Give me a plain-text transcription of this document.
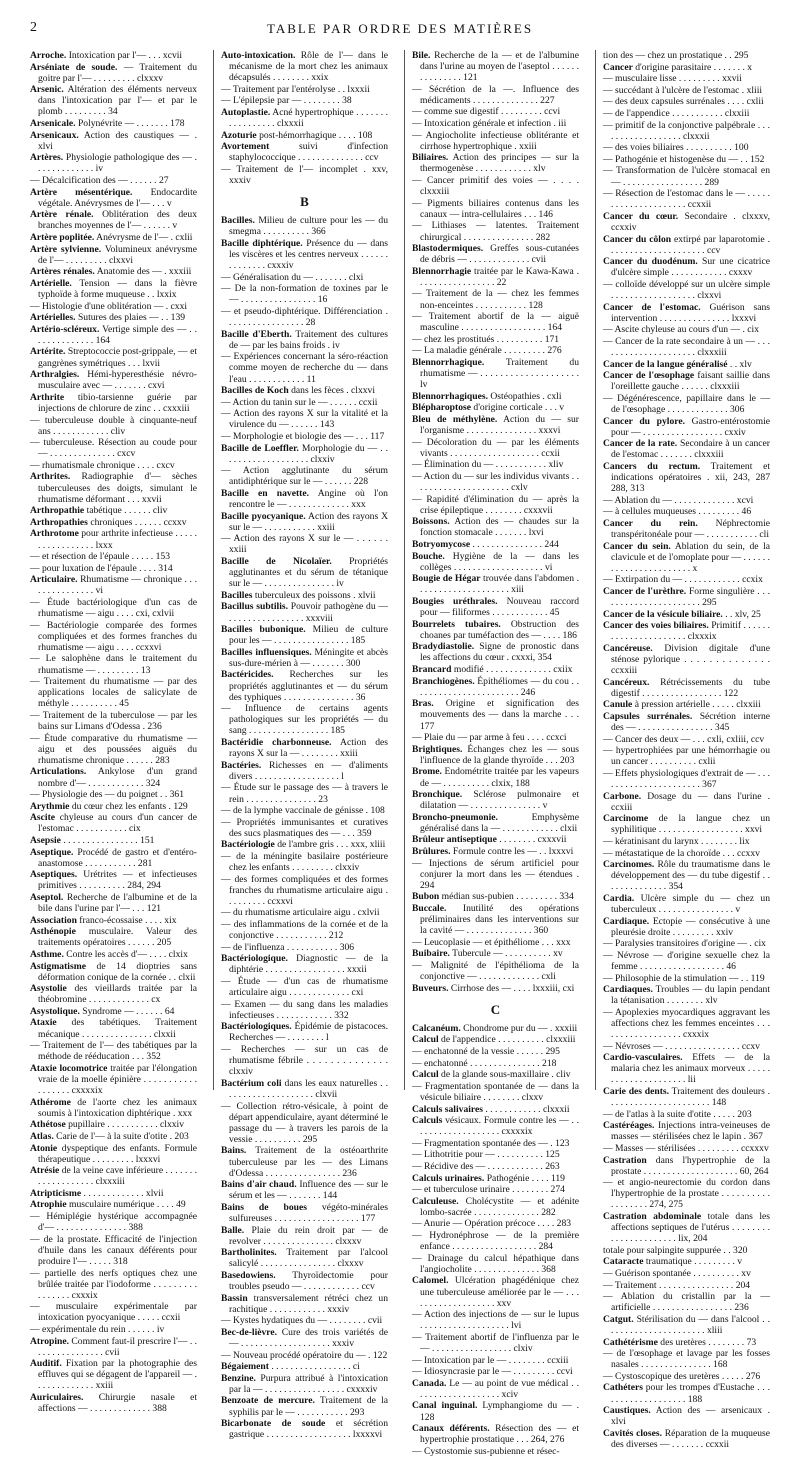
2	TABLE PAR ORDRE DES MATIÈRES
Arroche. Intoxication par l'— . . . xcvii
Arséniate de soude. — Traitement du goitre par l'— . . . . . . . . . clxxxv
Arsenic. Altération des éléments nerveux dans l'intoxication par l'— et par le plomb . . . . . . . . . 34
Arsenicale. Polynévrite — . . . . . . . 178
Arsenicaux. Action des caustiques — . xlvi
Artères. Physiologie pathologique des — . . . . . . . . . . . . . iv
— Décalcification des — . . . . . . 27
Artère mésentérique. Endocardite végétale. Anévrysmes de l'— . . . v
Artère rénale. Oblitération des deux branches moyennes de l'— . . . . . . v
Artère poplitée. Anévrysme de l'— . cxlii
Artère sylvienne. Volumineux anévrysme de l'— . . . . . . . . . clxxvi
Artères rénales. Anatomie des — . xxxiii
Artérielle. Tension — dans la fièvre typhoïde à forme muqueuse . . lxxix
— Histologie d'une oblitération — . cxxi
Artérielles. Sutures des plaies — . . 139
Artério-scléreux. Vertige simple des — . . . . . . . . . . . . . . 164
Artérite. Streptococcie post-grippale, — et gangrènes symétriques . . . lxvii
Arthralgies. Hémi-hyperesthésie névro-musculaire avec — . . . . . . . cxvi
Arthrite tibio-tarsienne guérie par injections de chlorure de zinc . . cxxxiii
— tuberculeuse double à cinquante-neuf ans . . . . . . . . . . . . cliv
— tuberculeuse. Résection au coude pour — . . . . . . . . . . . . . . cxcv
— rhumatismale chronique . . . . cxcv
Arthrites. Radiographie d'— sèches tuberculeuses des doigts, simulant le rhumatisme déformant . . . xxvii
Arthropathie tabétique . . . . . . cliv
Arthropathies chroniques . . . . . . ccxxv
Arthrotome pour arthrite infectieuse . . . . . . . . . . . . . . . . . lxxx
— et résection de l'épaule . . . . . 153
— pour luxation de l'épaule . . . . 314
Articulaire. Rhumatisme — chronique . . . . . . . . . . . . . . . vi
— Étude bactériologique d'un cas de rhumatisme — aigu . . . . cxi, cxlvii
— Bactériologie comparée des formes compliquées et des formes franches du rhumatisme — aigu . . . . ccxxvi
— Le salophène dans le traitement du rhumatisme — . . . . . . . . . 13
— Traitement du rhumatisme — par des applications locales de salicylate de méthyle . . . . . . . . . . 45
— Traitement de la tuberculose — par les bains sur Limans d'Odessa . 236
— Étude comparative du rhumatisme — aigu et des poussées aiguës du rhumatisme chronique . . . . . . 283
Articulations. Ankylose d'un grand nombre d'— . . . . . . . . . . . . 324
— Physiologie des — du poignet . . 361
Arythmie du cœur chez les enfants . 129
Ascite chyleuse au cours d'un cancer de l'estomac . . . . . . . . . . . cix
Asepsie . . . . . . . . . . . . . . . . 151
Aseptique. Procédé de gastro et d'entéro-anastomose . . . . . . . . . . . 281
Aseptiques. Urétrites — et infectieuses primitives . . . . . . . . . . 284, 294
Aseptol. Recherche de l'albumine et de la bile dans l'urine par l'— . . . 121
Association franco-écossaise . . . . xix
Asthénopie musculaire. Valeur des traitements opératoires . . . . . . 205
Asthme. Contre les accès d'— . . . . clxix
Astigmatisme de 14 dioptries sans déformation conique de la cornée . . clxii
Asystolie des vieillards traitée par la théobromine . . . . . . . . . . . . . cx
Asystolique. Syndrome — . . . . . . 64
Ataxie des tabétiques. Traitement mécanique . . . . . . . . . . . . . . . clxxii
— Traitement de l'— des tabétiques par la méthode de rééducation . . . 352
Ataxie locomotrice traitée par l'élongation vraie de la moelle épinière . . . . . . . . . . . . . . . . . . cxxxxix
Athérome de l'aorte chez les animaux soumis à l'intoxication diphtérique . xxx
Athétose pupillaire . . . . . . . . . . . clxxiv
Atlas. Carie de l'— à la suite d'otite . 203
Atonie dyspeptique des enfants. Formule thérapeutique . . . . . . . . . lxxxvi
Atrésie de la veine cave inférieure . . . . . . . . . . . . . . . . . . . clxxxiii
Atripticisme . . . . . . . . . . . . . xlvii
Atrophie musculaire numérique . . . . 49
— Hémiplégie hystérique accompagnée d'— . . . . . . . . . . . . . . . 388
— de la prostate. Efficacité de l'injection d'huile dans les canaux déférents pour produire l'— . . . . . 318
— partielle des nerfs optiques chez une brûlée traitée par l'iodoforme . . . . . . . . . . . . . . . . cxxxix
— musculaire expérimentale par intoxication pyocyanique . . . . . ccxii
— expérimentale du rein . . . . . . iv
Atropine. Comment faut-il prescrire l'— . . . . . . . . . . . . . . . . cvii
Auditif. Fixation par la photographie des effluves qui se dégagent de l'appareil — . . . . . . . . . . . . . xxiii
Auriculaires. Chirurgie nasale et affections — . . . . . . . . . . . . . 388
Auto-intoxication. Rôle de l'— dans le mécanisme de la mort chez les animaux décapsulés . . . . . . . . xxix
— Traitement par l'entérolyse . . lxxxii
— L'épilepsie par — . . . . . . . . 38
Autoplastie. Acné hypertrophique . . . . . . . . . . . . . . . . . clxxxii
Azoturie post-hémorrhagique . . . . 108
Avortement suivi d'infection staphylococcique . . . . . . . . . . . . . . ccv
— Traitement de l'— incomplet . xxv, xxxiv
B
Bacilles. Milieu de culture pour les — du smegma . . . . . . . . . . 366
Bacille diphtérique. Présence du — dans les viscères et les centres nerveux . . . . . . . . . . . . . . cxxxiv
— Généralisation du — . . . . . . . clxi
— De la non-formation de toxines par le — . . . . . . . . . . . . . . . . 16
— et pseudo-diphtérique. Différenciation . . . . . . . . . . . . . . . . . 28
Bacille d'Eberth. Traitement des cultures de — par les bains froids . iv
— Expériences concernant la séro-réaction comme moyen de recherche du — dans l'eau . . . . . . . . . . . . 11
Bacilles de Koch dans les fèces . clxxvi
— Action du tanin sur le — . . . . . . ccxii
— Action des rayons X sur la vitalité et la virulence du — . . . . . . 143
— Morphologie et biologie des — . . . 117
Bacille de Loeffler. Morphologie du — . . . . . . . . . . . . . . . . . . . clxxiv
— Action agglutinante du sérum antidiphtérique sur le — . . . . . . 228
Bacille en navette. Angine où l'on rencontre le — . . . . . . . . . . . . . xxx
Bacille pyocyanique. Action des rayons X sur le — . . . . . . . . . . . xxiii
— Action des rayons X sur le — . . . . . . xxiii
Bacille de Nicolaïer. Propriétés agglutinantes et du sérum de tétanique sur le — . . . . . . . . . . . . . . . iv
Bacilles tuberculeux des poissons . xlvii
Bacillus subtilis. Pouvoir pathogène du — . . . . . . . . . . . . . . . . xxxviii
Bacilles bubonique. Milieu de culture pour les — . . . . . . . . . . . . . . . . 185
Bacilles influensiques. Méningite et abcès sus-dure-mérien à — . . . . . . . 300
Bactéricides. Recherches sur les propriétés agglutinantes et — du sérum des typhiques . . . . . . . . . . . . . . . 36
— Influence de certains agents pathologiques sur les propriétés — du sang . . . . . . . . . . . . . . . . . 185
Bactéridie charbonneuse. Action des rayons X sur la — . . . . . . . . xxiii
Bactéries. Richesses en — d'aliments divers . . . . . . . . . . . . . . . . . . l
— Étude sur le passage des — à travers le rein . . . . . . . . . . . . . . . 23
— de la lymphe vaccinale de génisse . 108
— Propriétés immunisantes et curatives des sucs plasmatiques des — . . . 359
Bactériologie de l'ambre gris . . . xxx, xliii
— de la méningite basilaire postérieure chez les enfants . . . . . . . . . clxxiv
— des formes compliquées et des formes franches du rhumatisme articulaire aigu . . . . . . . . . ccxxvi
— du rhumatisme articulaire aigu . cxlvii
— des inflammations de la cornée et de la conjonctive . . . . . . . . . . . 212
— de l'influenza . . . . . . . . . . . 306
Bactériologique. Diagnostic — de la diphtérie . . . . . . . . . . . . . . . . . xxxii
— Étude — d'un cas de rhumatisme articulaire aigu . . . . . . . . . . . . . cxi
— Examen — du sang dans les maladies infectieuses . . . . . . . . . . . . 332
Bactériologiques. Épidémie de pistacoces. Recherches — . . . . . . . . l
— Recherches — sur un cas de rhumatisme fébrile . . . . . . . . . . . . . . clxxiv
Bactérium coli dans les eaux naturelles . . . . . . . . . . . . . . . . . . . . clxvii
— Collection rétro-vésicale, à point de départ appendiculaire, ayant déterminé le passage du — à travers les parois de la vessie . . . . . . . . . . 295
Bains. Traitement de la ostéoarthrite tuberculeuse par les — des Limans d'Odessa . . . . . . . . . . . . . . . . 236
Bains d'air chaud. Influence des — sur le sérum et les — . . . . . . . 144
Bains de boues végéto-minérales sulfureuses . . . . . . . . . . . . . . . . . . 177
Balle. Plaie du rein droit par — de revolver . . . . . . . . . . . . . . . clxxxv
Bartholinites. Traitement par l'alcool salicylé . . . . . . . . . . . . . . . . clxxxv
Basedowiens. Thyroïdectomie pour troubles pseudo — . . . . . . . . . . . . ccv
Bassin transversalement rétréci chez un rachitique . . . . . . . . . . . . xxxiv
— Kystes hydatiques du — . . . . . . . . cvii
Bec-de-lièvre. Cure des trois variétés de — . . . . . . . . . . . . . . . . . . . xxxiv
— Nouveau procédé opératoire du — . 122
Bégaiement . . . . . . . . . . . . . . . . . ci
Benzine. Purpura attribué à l'intoxication par la — . . . . . . . . . . . . . . . . . cxxxxiv
Benzoate de mercure. Traitement de la syphilis par le — . . . . . . . . . . . 293
Bicarbonate de soude et sécrétion gastrique . . . . . . . . . . . . . . . . . . lxxxxvi
Bile. Recherche de la — et de l'albumine dans l'urine au moyen de l'aseptol . . . . . . . . . . . . . . . 121
— Sécrétion de la —. Influence des médicaments . . . . . . . . . . . . . . 227
— comme sue digestif . . . . . . . . . ccvi
— Intoxication générale et infection . iii
— Angiocholite infectieuse oblitérante et cirrhose hypertrophique . xxiii
Biliaires. Action des principes — sur la thermogenèse . . . . . . . . . . . . xlv
— Cancer primitif des voies — . . . . clxxxiii
— Pigments biliaires contenus dans les canaux — intra-cellulaires . . . 146
— Lithiases — latentes. Traitement chirurgical . . . . . . . . . . . . . . . 282
Blastodermiques. Greffes sous-cutanées de débris — . . . . . . . . . . . . . cvii
Blennorrhagie traitée par le Kawa-Kawa . . . . . . . . . . . . . . . . . 22
— Traitement de la — chez les femmes non-enceintes . . . . . . . . . . . 128
— Traitement abortif de la — aiguë masculine . . . . . . . . . . . . . . . . . . 164
— chez les prostitués . . . . . . . . . . 171
— La maladie générale . . . . . . . . . 276
Blennorrhagique. Traitement du rhumatisme — . . . . . . . . . . . . . . . . . . . . lv
Blennorrhagiques. Ostéopathies . cxli
Blépharoptose d'origine corticale . . . v
Bleu de méthylène. Action du — sur l'organisme . . . . . . . . . . . . . . . xxxvi
— Décoloration du — par les éléments vivants . . . . . . . . . . . . . . . . . . . ccxii
— Élimination du — . . . . . . . . . . . xliv
— Action du — sur les individus vivants . . . . . . . . . . . . . . . . . . . . . cxlv
— Rapidité d'élimination du — après la crise épileptique . . . . . . . . cxxxvii
Boissons. Action des — chaudes sur la fonction stomacale . . . . . . . lxvi
Botryomycose . . . . . . . . . . . . . . . 244
Bouche. Hygiène de la — dans les collèges . . . . . . . . . . . . . . . . . . . vi
Bougie de Hégar trouvée dans l'abdomen . . . . . . . . . . . . . . . . . . . . xiii
Bougies uréthrales. Nouveau raccord pour — filiformes . . . . . . . . . . . . 45
Bourrelets tubaires. Obstruction des choanes par tuméfaction des — . . . . 186
Bradydiastolie. Signe de pronostic dans les affections du cœur . cxxxi, 354
Brancard modifié . . . . . . . . . . . . . . cxiix
Branchiogènes. Épithéliomes — du cou . . . . . . . . . . . . . . . . . . . . . . . 246
Bras. Origine et signification des mouvements des — dans la marche . . . 177
— Plaie du — par arme à feu . . . . ccxci
Brightiques. Échanges chez les — sous l'influence de la glande thyroïde . . . 203
Brome. Endométrite traitée par les vapeurs de — . . . . . . . . . . clxix, 188
Bronchique. Sclérose pulmonaire et dilatation — . . . . . . . . . . . . . . . v
Broncho-pneumonie. Emphysème généralisé dans la — . . . . . . . . . . . . clxii
Brûleur antiseptique . . . . . . . . cxxxvii
Brûlures. Formule contre les — . . lxxxvi
— Injections de sérum artificiel pour conjurer la mort dans les — étendues . 294
Bubon médian sus-pubien . . . . . . . . . 334
Buccale. Inutilité des opérations préliminaires dans les interventions sur la cavité — . . . . . . . . . . . . . . 360
— Leucoplasie — et épithéliome . . . xxx
Buibaire. Tubercule — . . . . . . . . . . xv
— Malignité de l'épithélioma de la conjonctive — . . . . . . . . . . . . . cxli
Buveurs. Cirrhose des — . . . . lxxxiii, cxi
C
Calcanéum. Chondrome pur du — . xxxiii
Calcul de l'appendice . . . . . . . . . . clxxxiii
— enchatonné de la vessie . . . . . . 295
— enchatonné . . . . . . . . . . . . . . . 218
Calcul de la glande sous-maxillaire . cliv
— Fragmentation spontanée de — dans la vésicule biliaire . . . . . . . . clxxv
Calculs salivaires . . . . . . . . . . . . clxxxii
Calculs vésicaux. Formule contre les — . . . . . . . . . . . . . . . . . . . cxxxxix
— Fragmentation spontanée des — . 123
— Lithotritie pour — . . . . . . . . . . 125
— Récidive des — . . . . . . . . . . . . 263
Calculs urinaires. Pathogénie . . . . 119
— et tuberculose urinaire . . . . . . . . 274
Calculeuse. Cholécystite — et adénite lombo-sacrée . . . . . . . . . . . . . . 282
— Anurie — Opération précoce . . . . 283
— Hydronéphrose — de la première enfance . . . . . . . . . . . . . . . . . . 284
— Drainage du calcul hépathique dans l'angiocholite . . . . . . . . . . . . . . 368
Calomel. Ulcération phagédénique chez une tuberculeuse améliorée par le — . . . . . . . . . . . . . . . . . . . xxv
— Action des injections de — sur le lupus . . . . . . . . . . . . . . . . . . . lvi
— Traitement abortif de l'influenza par le — . . . . . . . . . . . . . . . . . clxiv
— Intoxication par le — . . . . . . . . ccxiii
— Idiosyncrasie par le — . . . . . . . . . ccvi
Canada. Le — au point de vue médical . . . . . . . . . . . . . . . . . . . xciv
Canal inguinal. Lymphangiome du — . 128
Canaux déférents. Résection des — et hypertrophie prostatique . . . 264, 276
— Cystostomie sus-pubienne et résec-
tion des — chez un prostatique . . 295
Cancer d'origine parasitaire . . . . . . . x
— musculaire lisse . . . . . . . . . xxvii
— succédant à l'ulcère de l'estomac . xliii
— des deux capsules surrénales . . . . cxlii
— de l'appendice . . . . . . . . . . . clxxiii
— primitif de la conjonctive palpébrale . . . . . . . . . . . . . . . . . . clxxxii
— des voies biliaires . . . . . . . . . . 100
— Pathogénie et histogenèse du — . . 152
— Transformation de l'ulcère stomacal en — . . . . . . . . . . . . . . . . . 289
— Résection de l'estomac dans le — . . . . . . . . . . . . . . . . . . . . . ccxxii
Cancer du cœur. Secondaire . clxxxv, ccxxiv
Cancer du côlon extirpé par laparotomie . . . . . . . . . . . . . . . . . . . . . ccv
Cancer du duodénum. Sur une cicatrice d'ulcère simple . . . . . . . . . . . . cxxxv
— colloïde développé sur un ulcère simple . . . . . . . . . . . . . . . . . . clxxvi
Cancer de l'estomac. Guérison sans intervention . . . . . . . . . . . . . . . lxxxvi
— Ascite chyleuse au cours d'un — . cix
— Cancer de la rate secondaire à un — . . . . . . . . . . . . . . . . . . . . . clxxxiii
Cancer de la langue généralisé . . xlv
Cancer de l'œsophage faisant saillie dans l'oreillette gauche . . . . . . clxxxiii
— Dégénérescence, papillaire dans le — de l'œsophage . . . . . . . . . . . . . 306
Cancer du pylore. Gastro-entérostomie pour — . . . . . . . . . . . . . . . . . cxxiv
Cancer de la rate. Secondaire à un cancer de l'estomac . . . . . . . clxxxiii
Cancers du rectum. Traitement et indications opératoires . xii, 243, 287 288, 313
— Ablation du — . . . . . . . . . . . . . xcvi
— à cellules muqueuses . . . . . . . . . 46
Cancer du rein. Néphrectomie transpéritonéale pour — . . . . . . . . . . . cli
Cancer du sein. Ablation du sein, de la clavicule et de l'omoplate pour — . . . . . . . . . . . . . . . . . . . . . . . x
— Extirpation du — . . . . . . . . . . . . ccxix
Cancer de l'urèthre. Forme singulière . . . . . . . . . . . . . . . . . . . . . . 295
Cancer de la vésicule biliaire. . . xlv, 25
Cancer des voies biliaires. Primitif . . . . . . . . . . . . . . . . . . . . . . clxxxix
Cancéreuse. Division digitale d'une sténose pylorique . . . . . . . . . . . . . . ccxxiii
Cancéreux. Rétrécissements du tube digestif . . . . . . . . . . . . . . . . . 122
Canule à pression artérielle . . . . . clxxiii
Capsules surrénales. Sécrétion interne des — . . . . . . . . . . . . . . . . 345
— Cancer des deux — . . . cxli, cxliii, ccv
— hypertrophiées par une hémorrhagie ou un cancer . . . . . . . . . . cxlii
— Effets physiologiques d'extrait de — . . . . . . . . . . . . . . . . . . . . . . 367
Carbone. Dosage du — dans l'urine . ccxiii
Carcinome de la langue chez un syphilitique . . . . . . . . . . . . . . . . . . xxvi
— kératinisant du larynx . . . . . . . . lix
— métastatique de la choroïde . . . ccxxv
Carcinomes. Rôle du traumatisme dans le développement des — du tube digestif . . . . . . . . . . . . . . 354
Cardia. Ulcère simple du — chez un tuberculeux . . . . . . . . . . . . . . . . v
Cardiaque. Ectopie — consécutive à une pleurésie droite . . . . . . . . . xxiv
— Paralysies transitoires d'origine — . cix
— Névrose — d'origine sexuelle chez la femme . . . . . . . . . . . . . . . . . . 46
— Philosophie de la stimulation — . . 119
Cardiaques. Troubles — du lapin pendant la tétanisation . . . . . . . . xlv
— Apoplexies myocardiques aggravant les affections chez les femmes enceintes . . . . . . . . . . . . . . . . . . cxxxix
— Névroses — . . . . . . . . . . . . . . . . ccxv
Cardio-vasculaires. Effets — de la malaria chez les animaux morveux . . . . . . . . . . . . . . . . . . . . . lii
Carie des dents. Traitement des douleurs . . . . . . . . . . . . . . . . . . . . . . 148
— de l'atlas à la suite d'otite . . . . . 203
Castéréages. Injections intra-veineuses de masses — stérilisées chez le lapin . 367
— Masses — stérilisées . . . . . . . . . ccxxxv
Castration dans l'hypertrophie de la prostate . . . . . . . . . . . . . . . . . . . . 60, 264
— et angio-neurectomie du cordon dans l'hypertrophie de la prostate . . . . . . . . . . . . . . . . . . 274, 275
Castration abdominale totale dans les affections septiques de l'utérus . . . . . . . . . . . . . . . . . . . . . . lix, 204
totale pour salpingite suppurée . . 320
Cataracte traumatique . . . . . . . . . v
— Guérison spontanée . . . . . . . . . . xv
— Traitement . . . . . . . . . . . . . . . . 204
— Ablation du cristallin par la — artificielle . . . . . . . . . . . . . . . . . 236
Catgut. Stérilisation du — dans l'alcool . . . . . . . . . . . . . . . . . . . . . . xliii
Cathétérisme des uretères . . . . . . . . 73
— de l'œsophage et lavage par les fosses nasales . . . . . . . . . . . . . . . 168
— Cystoscopique des uretères . . . . . 276
Cathéters pour les trompes d'Eustache . . . . . . . . . . . . . . . . . . . 188
Caustiques. Action des — arsenicaux . xlvi
Cavités closes. Réparation de la muqueuse des diverses — . . . . . . . ccxxii
